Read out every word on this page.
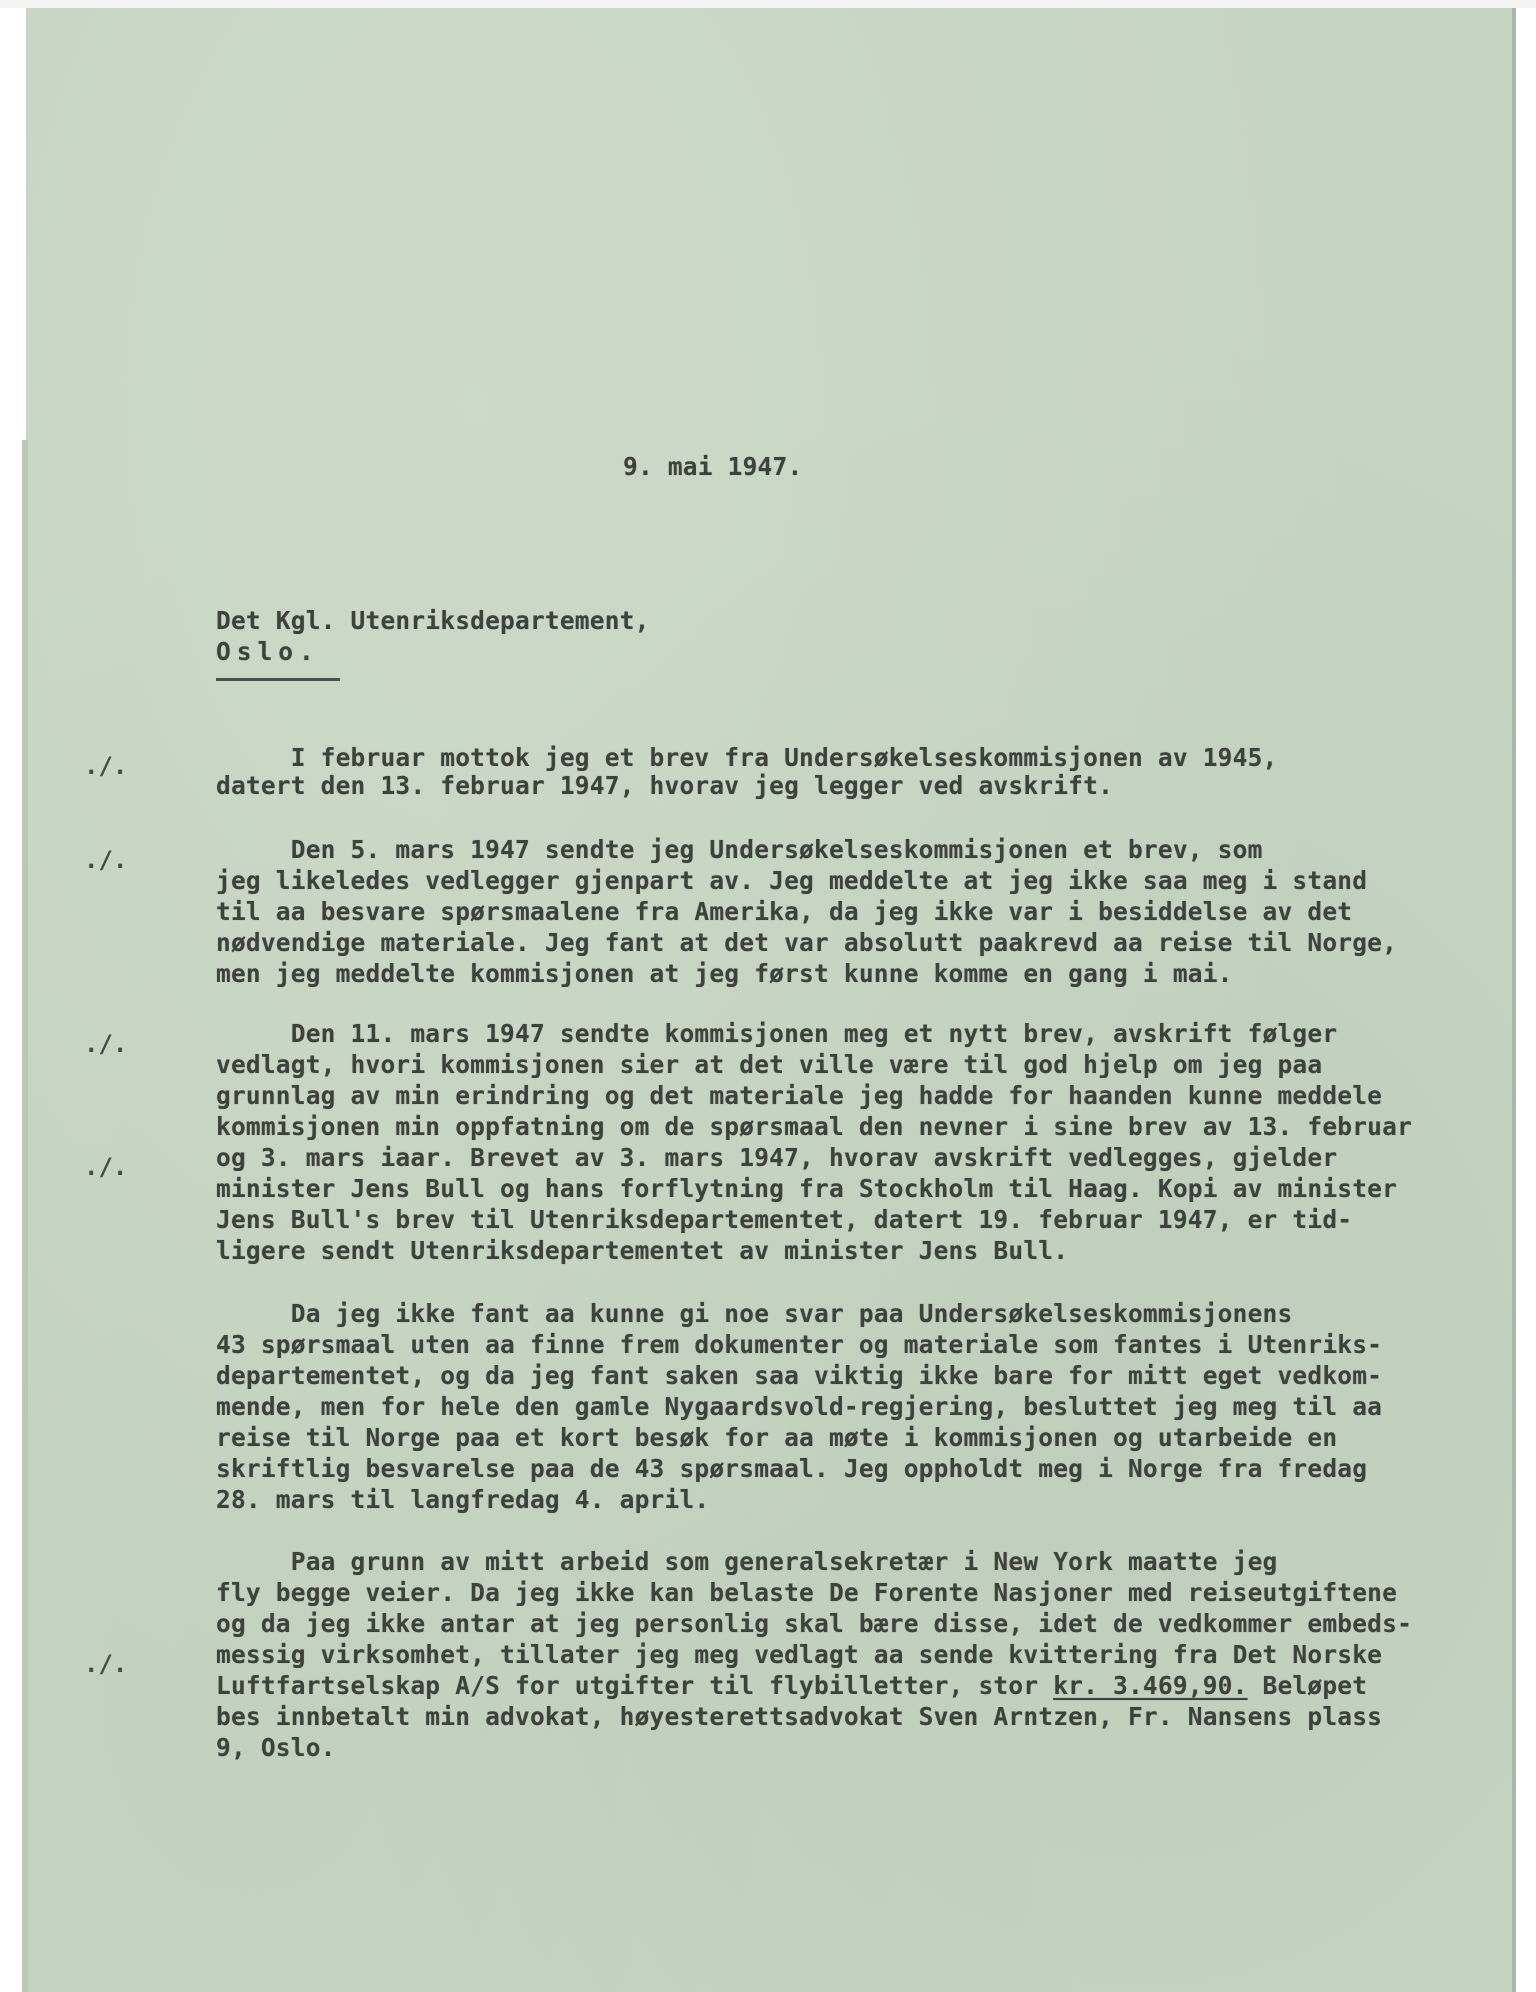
9. mai 1947.

Det Kgl. Utenriksdepartement,

Oslo.

./.
./.
./.
./.
./.

I februar mottok jeg et brev fra Undersøkelseskommisjonen av 1945,

datert den 13. februar 1947, hvorav jeg legger ved avskrift.

Den 5. mars 1947 sendte jeg Undersøkelseskommisjonen et brev, som

jeg likeledes vedlegger gjenpart av. Jeg meddelte at jeg ikke saa meg i stand

til aa besvare spørsmaalene fra Amerika, da jeg ikke var i besiddelse av det

nødvendige materiale. Jeg fant at det var absolutt paakrevd aa reise til Norge,

men jeg meddelte kommisjonen at jeg først kunne komme en gang i mai.

Den 11. mars 1947 sendte kommisjonen meg et nytt brev, avskrift følger

vedlagt, hvori kommisjonen sier at det ville være til god hjelp om jeg paa

grunnlag av min erindring og det materiale jeg hadde for haanden kunne meddele

kommisjonen min oppfatning om de spørsmaal den nevner i sine brev av 13. februar

og 3. mars iaar. Brevet av 3. mars 1947, hvorav avskrift vedlegges, gjelder

minister Jens Bull og hans forflytning fra Stockholm til Haag. Kopi av minister

Jens Bull's brev til Utenriksdepartementet, datert 19. februar 1947, er tid-

ligere sendt Utenriksdepartementet av minister Jens Bull.

Da jeg ikke fant aa kunne gi noe svar paa Undersøkelseskommisjonens

43 spørsmaal uten aa finne frem dokumenter og materiale som fantes i Utenriks-

departementet, og da jeg fant saken saa viktig ikke bare for mitt eget vedkom-

mende, men for hele den gamle Nygaardsvold-regjering, besluttet jeg meg til aa

reise til Norge paa et kort besøk for aa møte i kommisjonen og utarbeide en

skriftlig besvarelse paa de 43 spørsmaal. Jeg oppholdt meg i Norge fra fredag

28. mars til langfredag 4. april.

Paa grunn av mitt arbeid som generalsekretær i New York maatte jeg

fly begge veier. Da jeg ikke kan belaste De Forente Nasjoner med reiseutgiftene

og da jeg ikke antar at jeg personlig skal bære disse, idet de vedkommer embeds-

messig virksomhet, tillater jeg meg vedlagt aa sende kvittering fra Det Norske

Luftfartselskap A/S for utgifter til flybilletter, stor kr. 3.469,90. Beløpet

bes innbetalt min advokat, høyesterettsadvokat Sven Arntzen, Fr. Nansens plass

9, Oslo.
